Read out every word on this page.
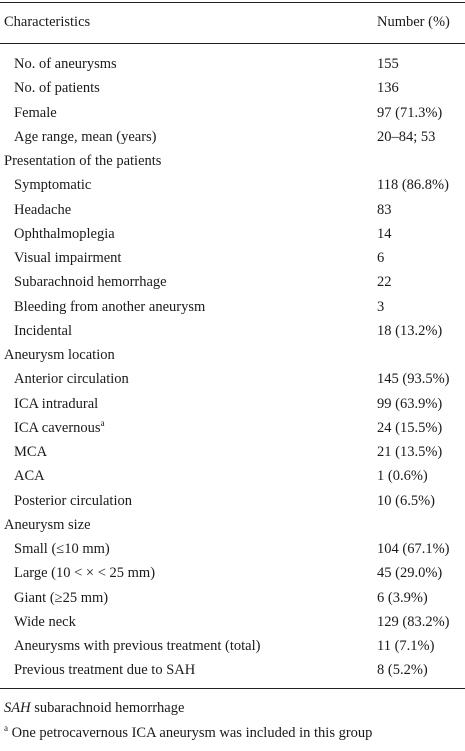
Characteristics	Number (%)
No. of aneurysms	155
No. of patients	136
Female	97 (71.3%)
Age range, mean (years)	20–84; 53
Presentation of the patients
Symptomatic	118 (86.8%)
Headache	83
Ophthalmoplegia	14
Visual impairment	6
Subarachnoid hemorrhage	22
Bleeding from another aneurysm	3
Incidental	18 (13.2%)
Aneurysm location
Anterior circulation	145 (93.5%)
ICA intradural	99 (63.9%)
ICA cavernous$^a$	24 (15.5%)
MCA	21 (13.5%)
ACA	1 (0.6%)
Posterior circulation	10 (6.5%)
Aneurysm size
Small (≤10 mm)	104 (67.1%)
Large (10 < × < 25 mm)	45 (29.0%)
Giant (≥25 mm)	6 (3.9%)
Wide neck	129 (83.2%)
Aneurysms with previous treatment (total)	11 (7.1%)
Previous treatment due to SAH	8 (5.2%)
SAH subarachnoid hemorrhage
$^a$ One petrocavernous ICA aneurysm was included in this group
